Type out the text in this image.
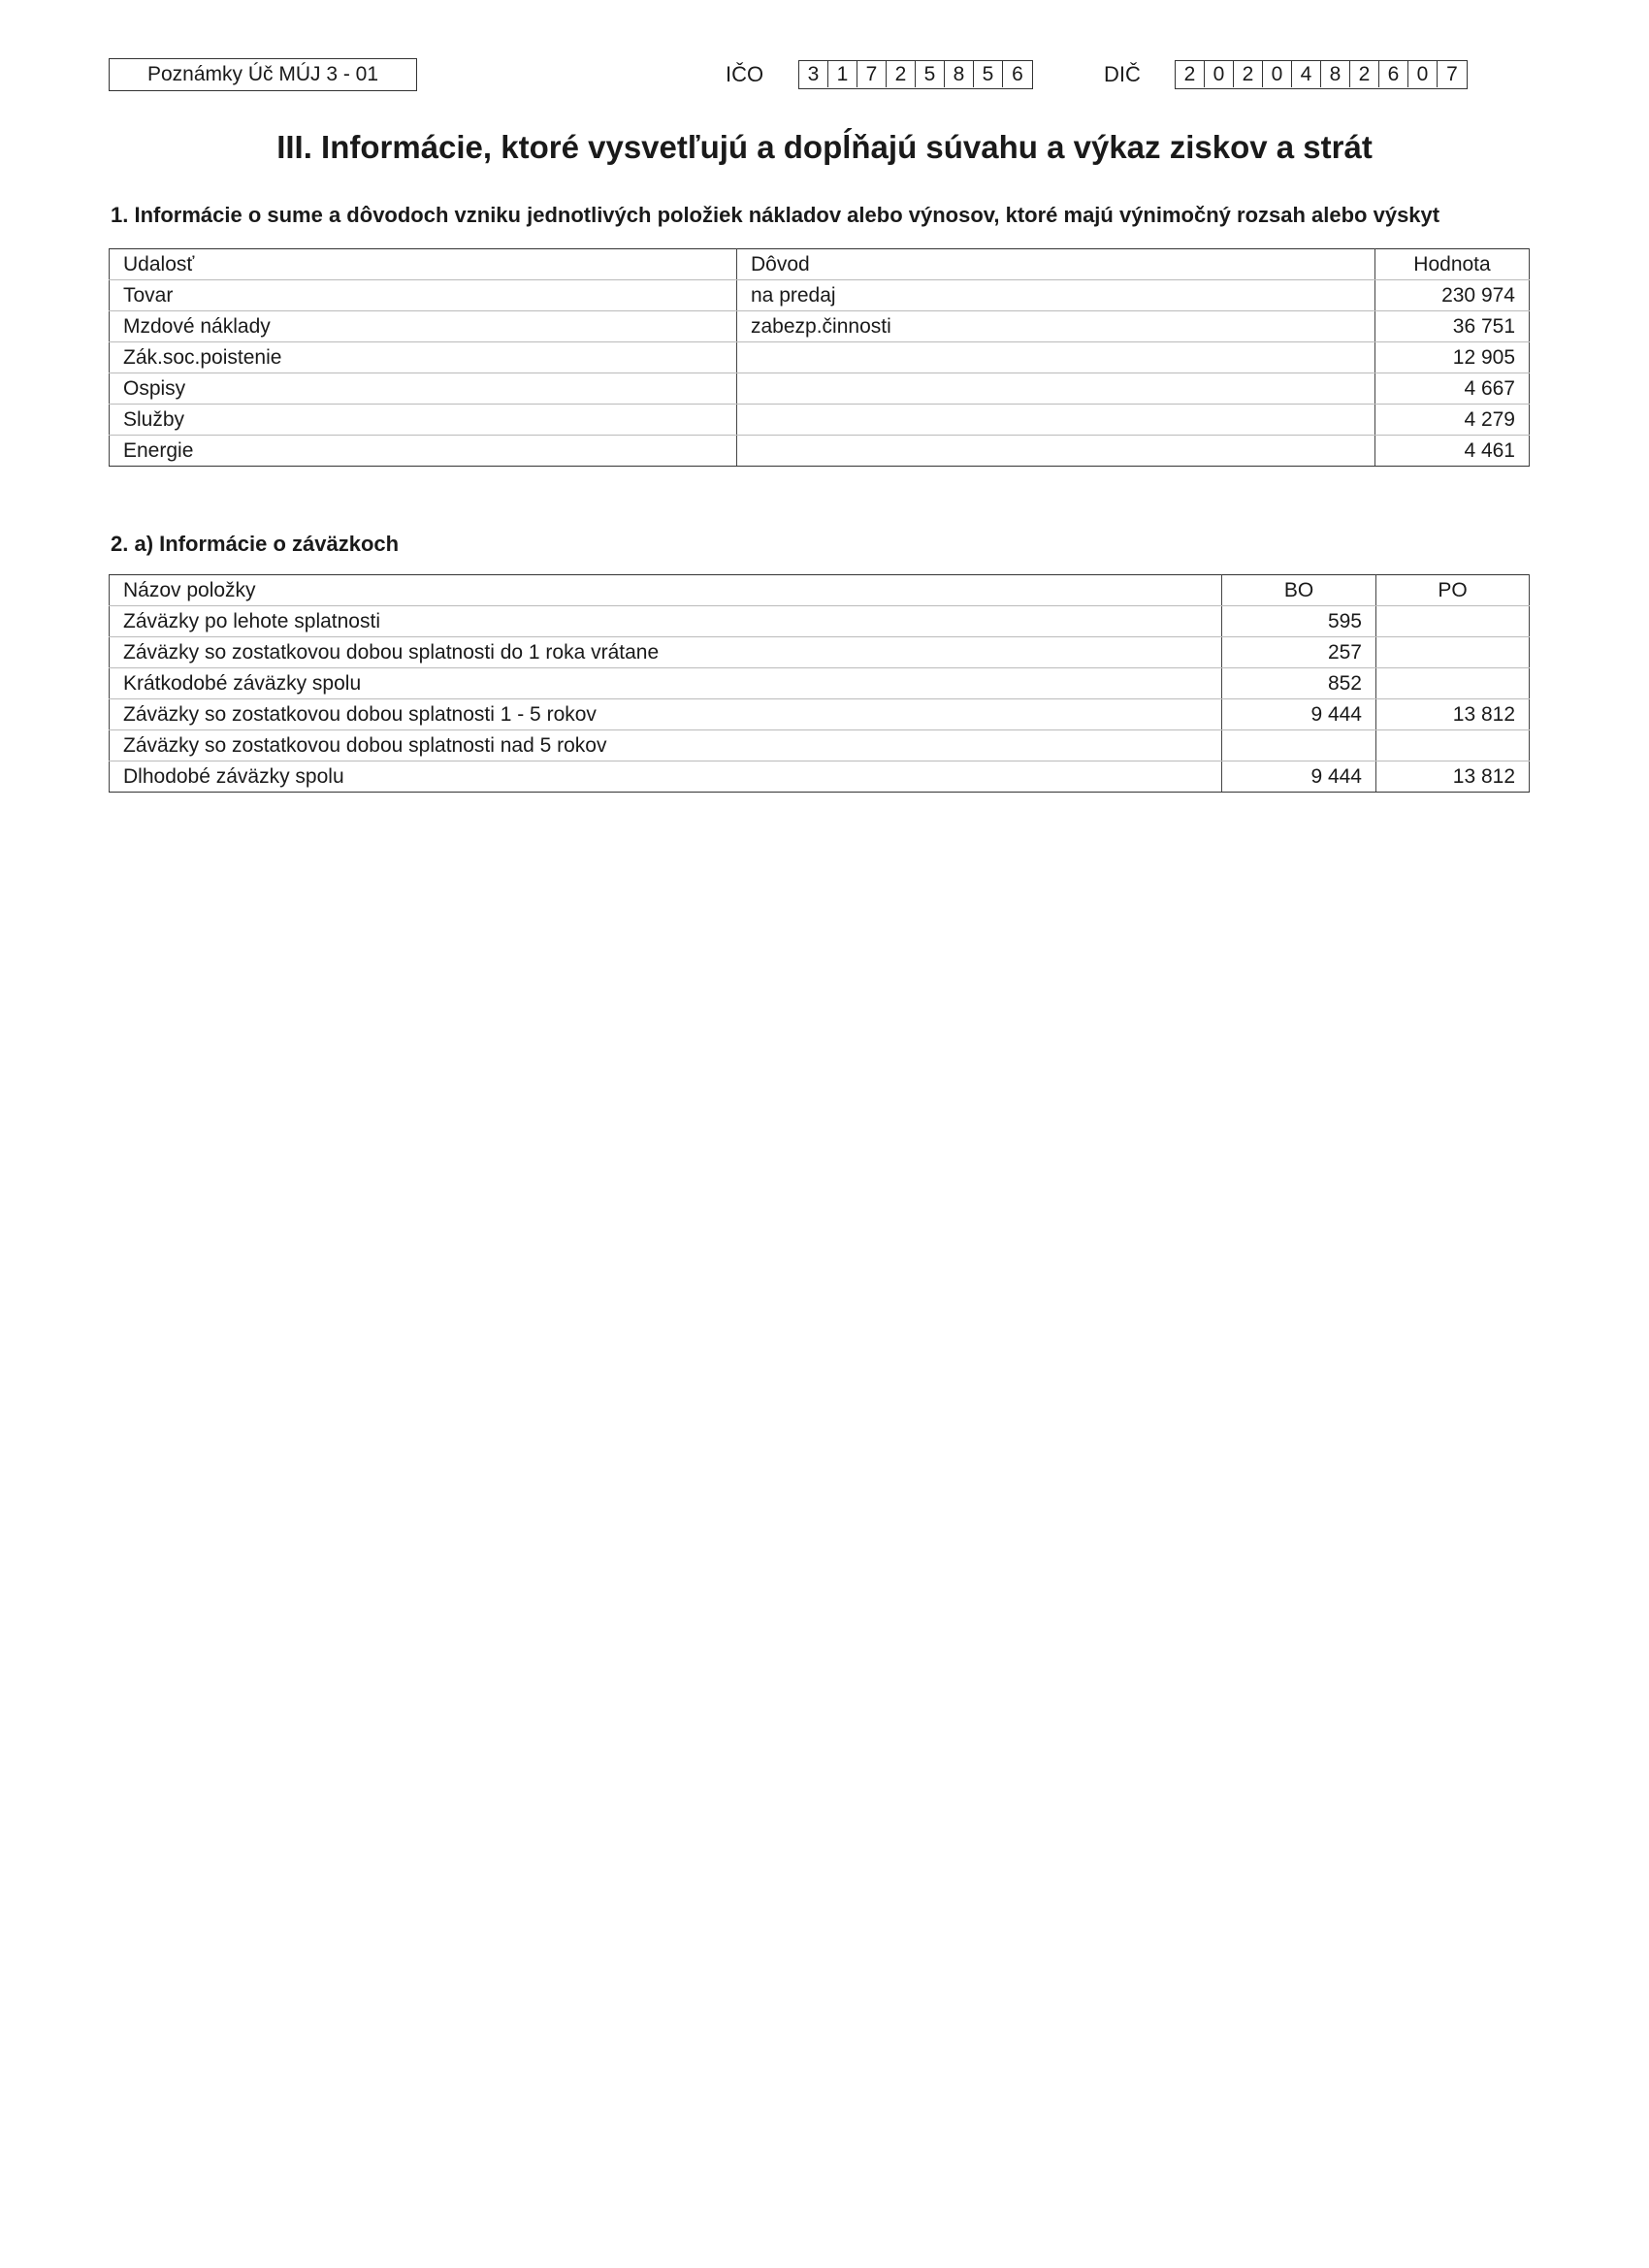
Poznámky Úč MÚJ 3 - 01	IČO	3 1 7 2 5 8 5 6	DIČ	2 0 2 0 4 8 2 6 0 7
III. Informácie, ktoré vysvetľujú a dopĺňajú súvahu a výkaz ziskov a strát
1. Informácie o sume a dôvodoch vzniku jednotlivých položiek nákladov alebo výnosov, ktoré majú výnimočný rozsah alebo výskyt
Udalosť	Dôvod	Hodnota
Tovar	na predaj	230 974
Mzdové náklady	zabezp.činnosti	36 751
Zák.soc.poistenie		12 905
Ospisy		4 667
Služby		4 279
Energie		4 461
2. a) Informácie o záväzkoch
Názov položky	BO	PO
Záväzky po lehote splatnosti	595	
Záväzky so zostatkovou dobou splatnosti do 1 roka vrátane	257	
Krátkodobé záväzky spolu	852	
Záväzky so zostatkovou dobou splatnosti 1 - 5 rokov	9 444	13 812
Záväzky so zostatkovou dobou splatnosti nad 5 rokov		
Dlhodobé záväzky spolu	9 444	13 812
